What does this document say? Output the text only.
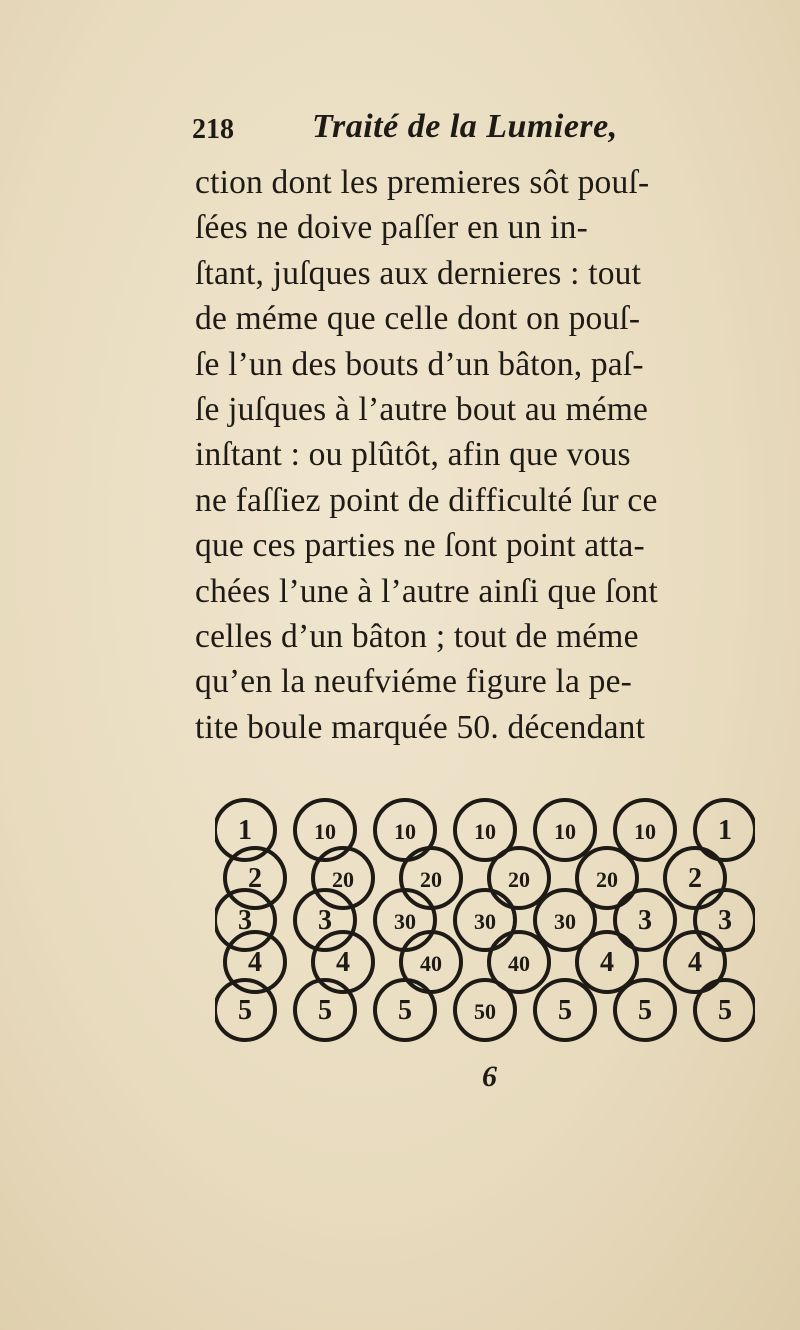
218 Traité de la Lumiere,
ction dont les premieres sôt pouſ-
ſées ne doive paſſer en un in-
ſtant, juſques aux dernieres : tout
de méme que celle dont on pouſ-
ſe l’un des bouts d’un bâton, paſ-
ſe juſques à l’autre bout au méme
inſtant : ou plûtôt, afin que vous
ne faſſiez point de difficulté ſur ce
que ces parties ne ſont point atta-
chées l’une à l’autre ainſi que ſont
celles d’un bâton ; tout de méme
qu’en la neufviéme figure la pe-
tite boule marquée 50. décendant
1	10	10	10	10	10 1
2	20	20	20	20	2
3 3	30	30	30 3 3
4	4	40	40	4	4
5 5 5	50 5 5 5
6
